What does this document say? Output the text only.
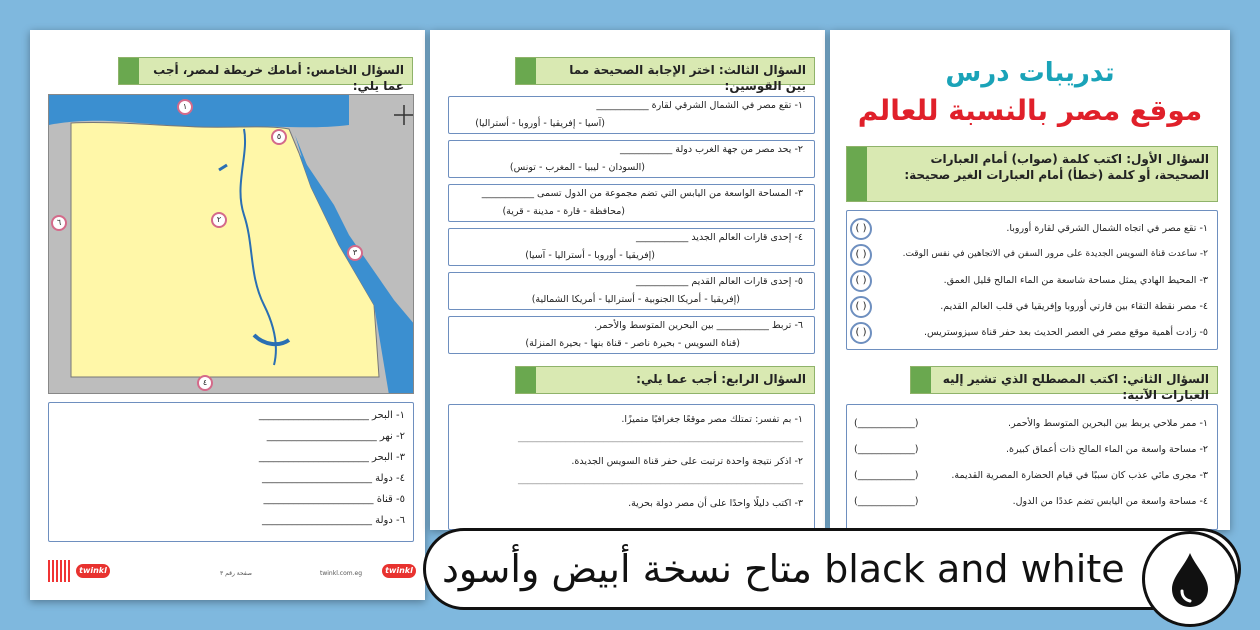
السؤال الخامس: أمامك خريطة لمصر، أجب عما يلي:
١
٢
٣
٤
٥
٦
١- البحر ______________________
٢- نهر ______________________
٣- البحر ______________________
٤- دولة ______________________
٥- قناة ______________________
٦- دولة ______________________
twinkl	صفحة رقم ٣	twinkl.com.eg	twinkl
السؤال الثالث: اختر الإجابة الصحيحة مما بين القوسين:
١- تقع مصر في الشمال الشرقي لقارة ___________
(آسيا - إفريقيا - أوروبا - أستراليا)
٢- يحد مصر من جهة الغرب دولة ___________
(السودان - ليبيا - المغرب - تونس)
٣- المساحة الواسعة من اليابس التي تضم مجموعة من الدول تسمى ___________
(محافظة - قارة - مدينة - قرية)
٤- إحدى قارات العالم الجديد ___________
(إفريقيا - أوروبا - أستراليا - آسيا)
٥- إحدى قارات العالم القديم ___________
(إفريقيا - أمريكا الجنوبية - أستراليا - أمريكا الشمالية)
٦- تربط ___________ بين البحرين المتوسط والأحمر.
(قناة السويس - بحيرة ناصر - قناة بنها - بحيرة المنزلة)
السؤال الرابع: أجب عما يلي:
١- بم تفسر: تمتلك مصر موقعًا جغرافيًا متميزًا.
____________________________________________________________
٢- اذكر نتيجة واحدة ترتبت على حفر قناة السويس الجديدة.
____________________________________________________________
٣- اكتب دليلًا واحدًا على أن مصر دولة بحرية.
تدريبات درس
موقع مصر بالنسبة للعالم
السؤال الأول: اكتب كلمة (صواب) أمام العبارات الصحيحة، أو كلمة (خطأ) أمام العبارات الغير صحيحة:
( )	١- تقع مصر في اتجاه الشمال الشرقي لقارة أوروبا.
( )	٢- ساعدت قناة السويس الجديدة على مرور السفن في الاتجاهين في نفس الوقت.
( )	٣- المحيط الهادي يمثل مساحة شاسعة من الماء المالح قليل العمق.
( )	٤- مصر نقطة التقاء بين قارتي أوروبا وإفريقيا في قلب العالم القديم.
( )	٥- زادت أهمية موقع مصر في العصر الحديث بعد حفر قناة سيزوستريس.
السؤال الثاني: اكتب المصطلح الذي تشير إليه العبارات الآتية:
١- ممر ملاحي يربط بين البحرين المتوسط والأحمر.
(____________)
٢- مساحة واسعة من الماء المالح ذات أعماق كبيرة.
(____________)
٣- مجرى مائي عذب كان سببًا في قيام الحضارة المصرية القديمة.
(____________)
٤- مساحة واسعة من اليابس تضم عددًا من الدول.
(____________)
متاح نسخة أبيض وأسود black and white
